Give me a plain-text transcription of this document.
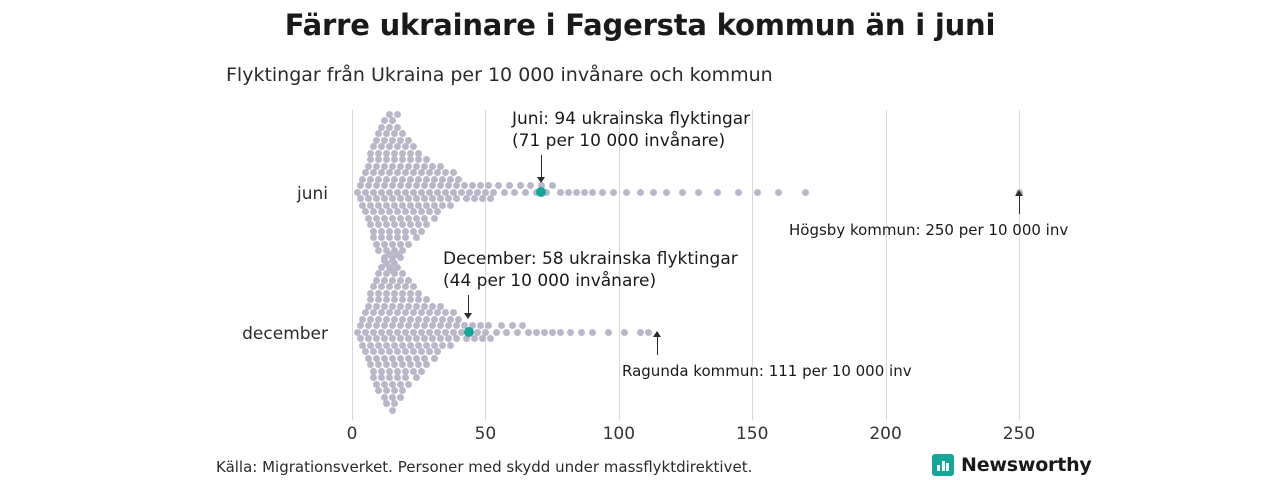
Färre ukrainare i Fagersta kommun än i juni
Flyktingar från Ukraina per 10 000 invånare och kommun
0	50	100	150	200	250
juni
december
Juni: 94 ukrainska flyktingar
(71 per 10 000 invånare)
December: 58 ukrainska flyktingar
(44 per 10 000 invånare)
Högsby kommun: 250 per 10 000 inv
Ragunda kommun: 111 per 10 000 inv
Källa: Migrationsverket. Personer med skydd under massflyktdirektivet.	Newsworthy
